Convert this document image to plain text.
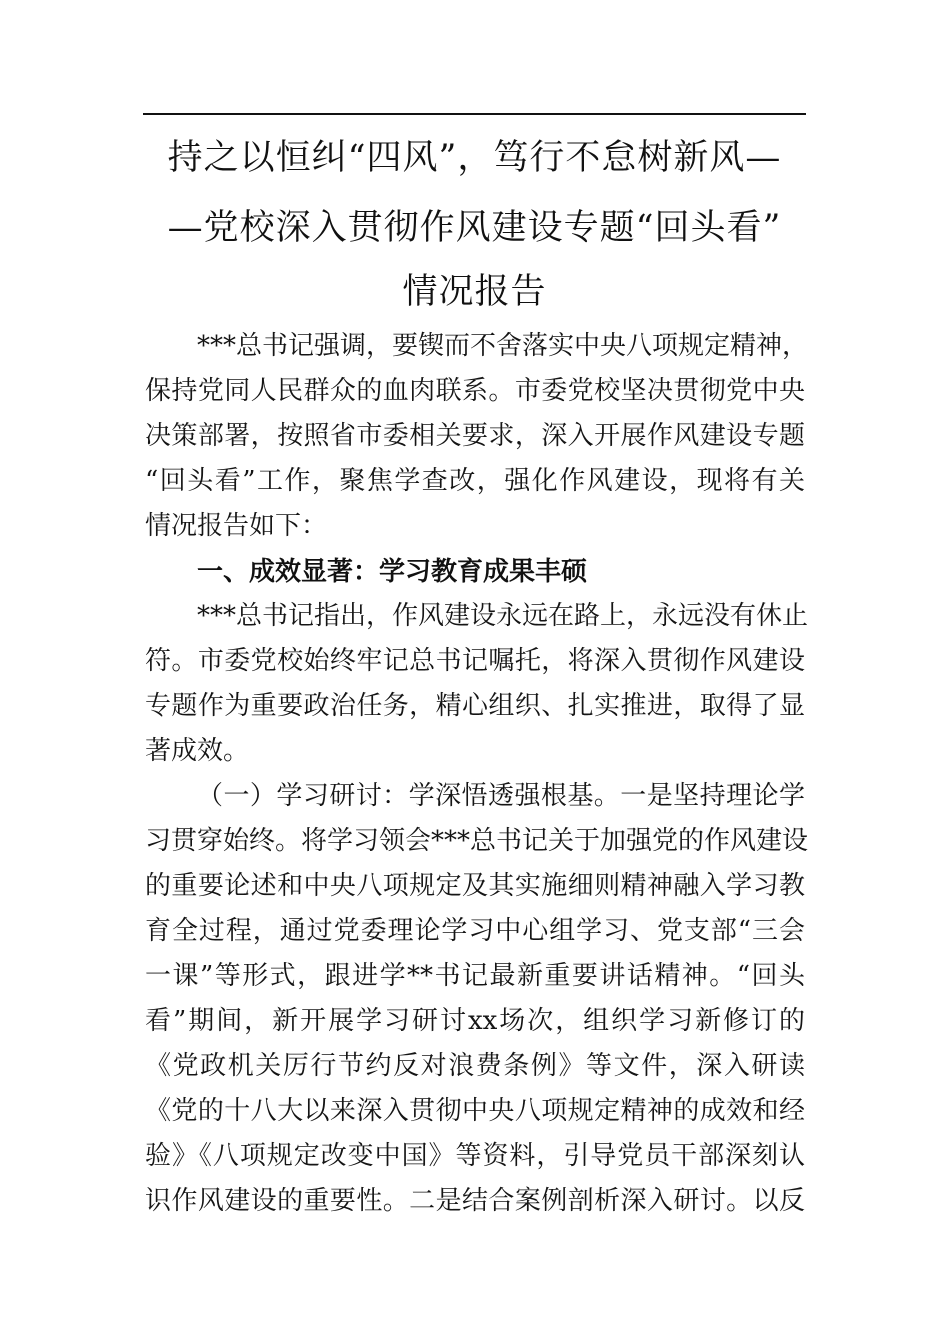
持之以恒纠“四风”，笃行不怠树新风—
—党校深入贯彻作风建设专题“回头看”
情况报告
***总书记强调，要锲而不舍落实中央八项规定精神，
保持党同人民群众的血肉联系。市委党校坚决贯彻党中央
决策部署，按照省市委相关要求，深入开展作风建设专题
“回头看”工作，聚焦学查改，强化作风建设，现将有关
情况报告如下：
一、成效显著：学习教育成果丰硕
***总书记指出，作风建设永远在路上，永远没有休止
符。市委党校始终牢记总书记嘱托，将深入贯彻作风建设
专题作为重要政治任务，精心组织、扎实推进，取得了显
著成效。
（一）学习研讨：学深悟透强根基。一是坚持理论学
习贯穿始终。将学习领会***总书记关于加强党的作风建设
的重要论述和中央八项规定及其实施细则精神融入学习教
育全过程，通过党委理论学习中心组学习、党支部“三会
一课”等形式，跟进学**书记最新重要讲话精神。“回头
看”期间，新开展学习研讨xx场次，组织学习新修订的
《党政机关厉行节约反对浪费条例》等文件，深入研读
《党的十八大以来深入贯彻中央八项规定精神的成效和经
验》《八项规定改变中国》等资料，引导党员干部深刻认
识作风建设的重要性。二是结合案例剖析深入研讨。以反
